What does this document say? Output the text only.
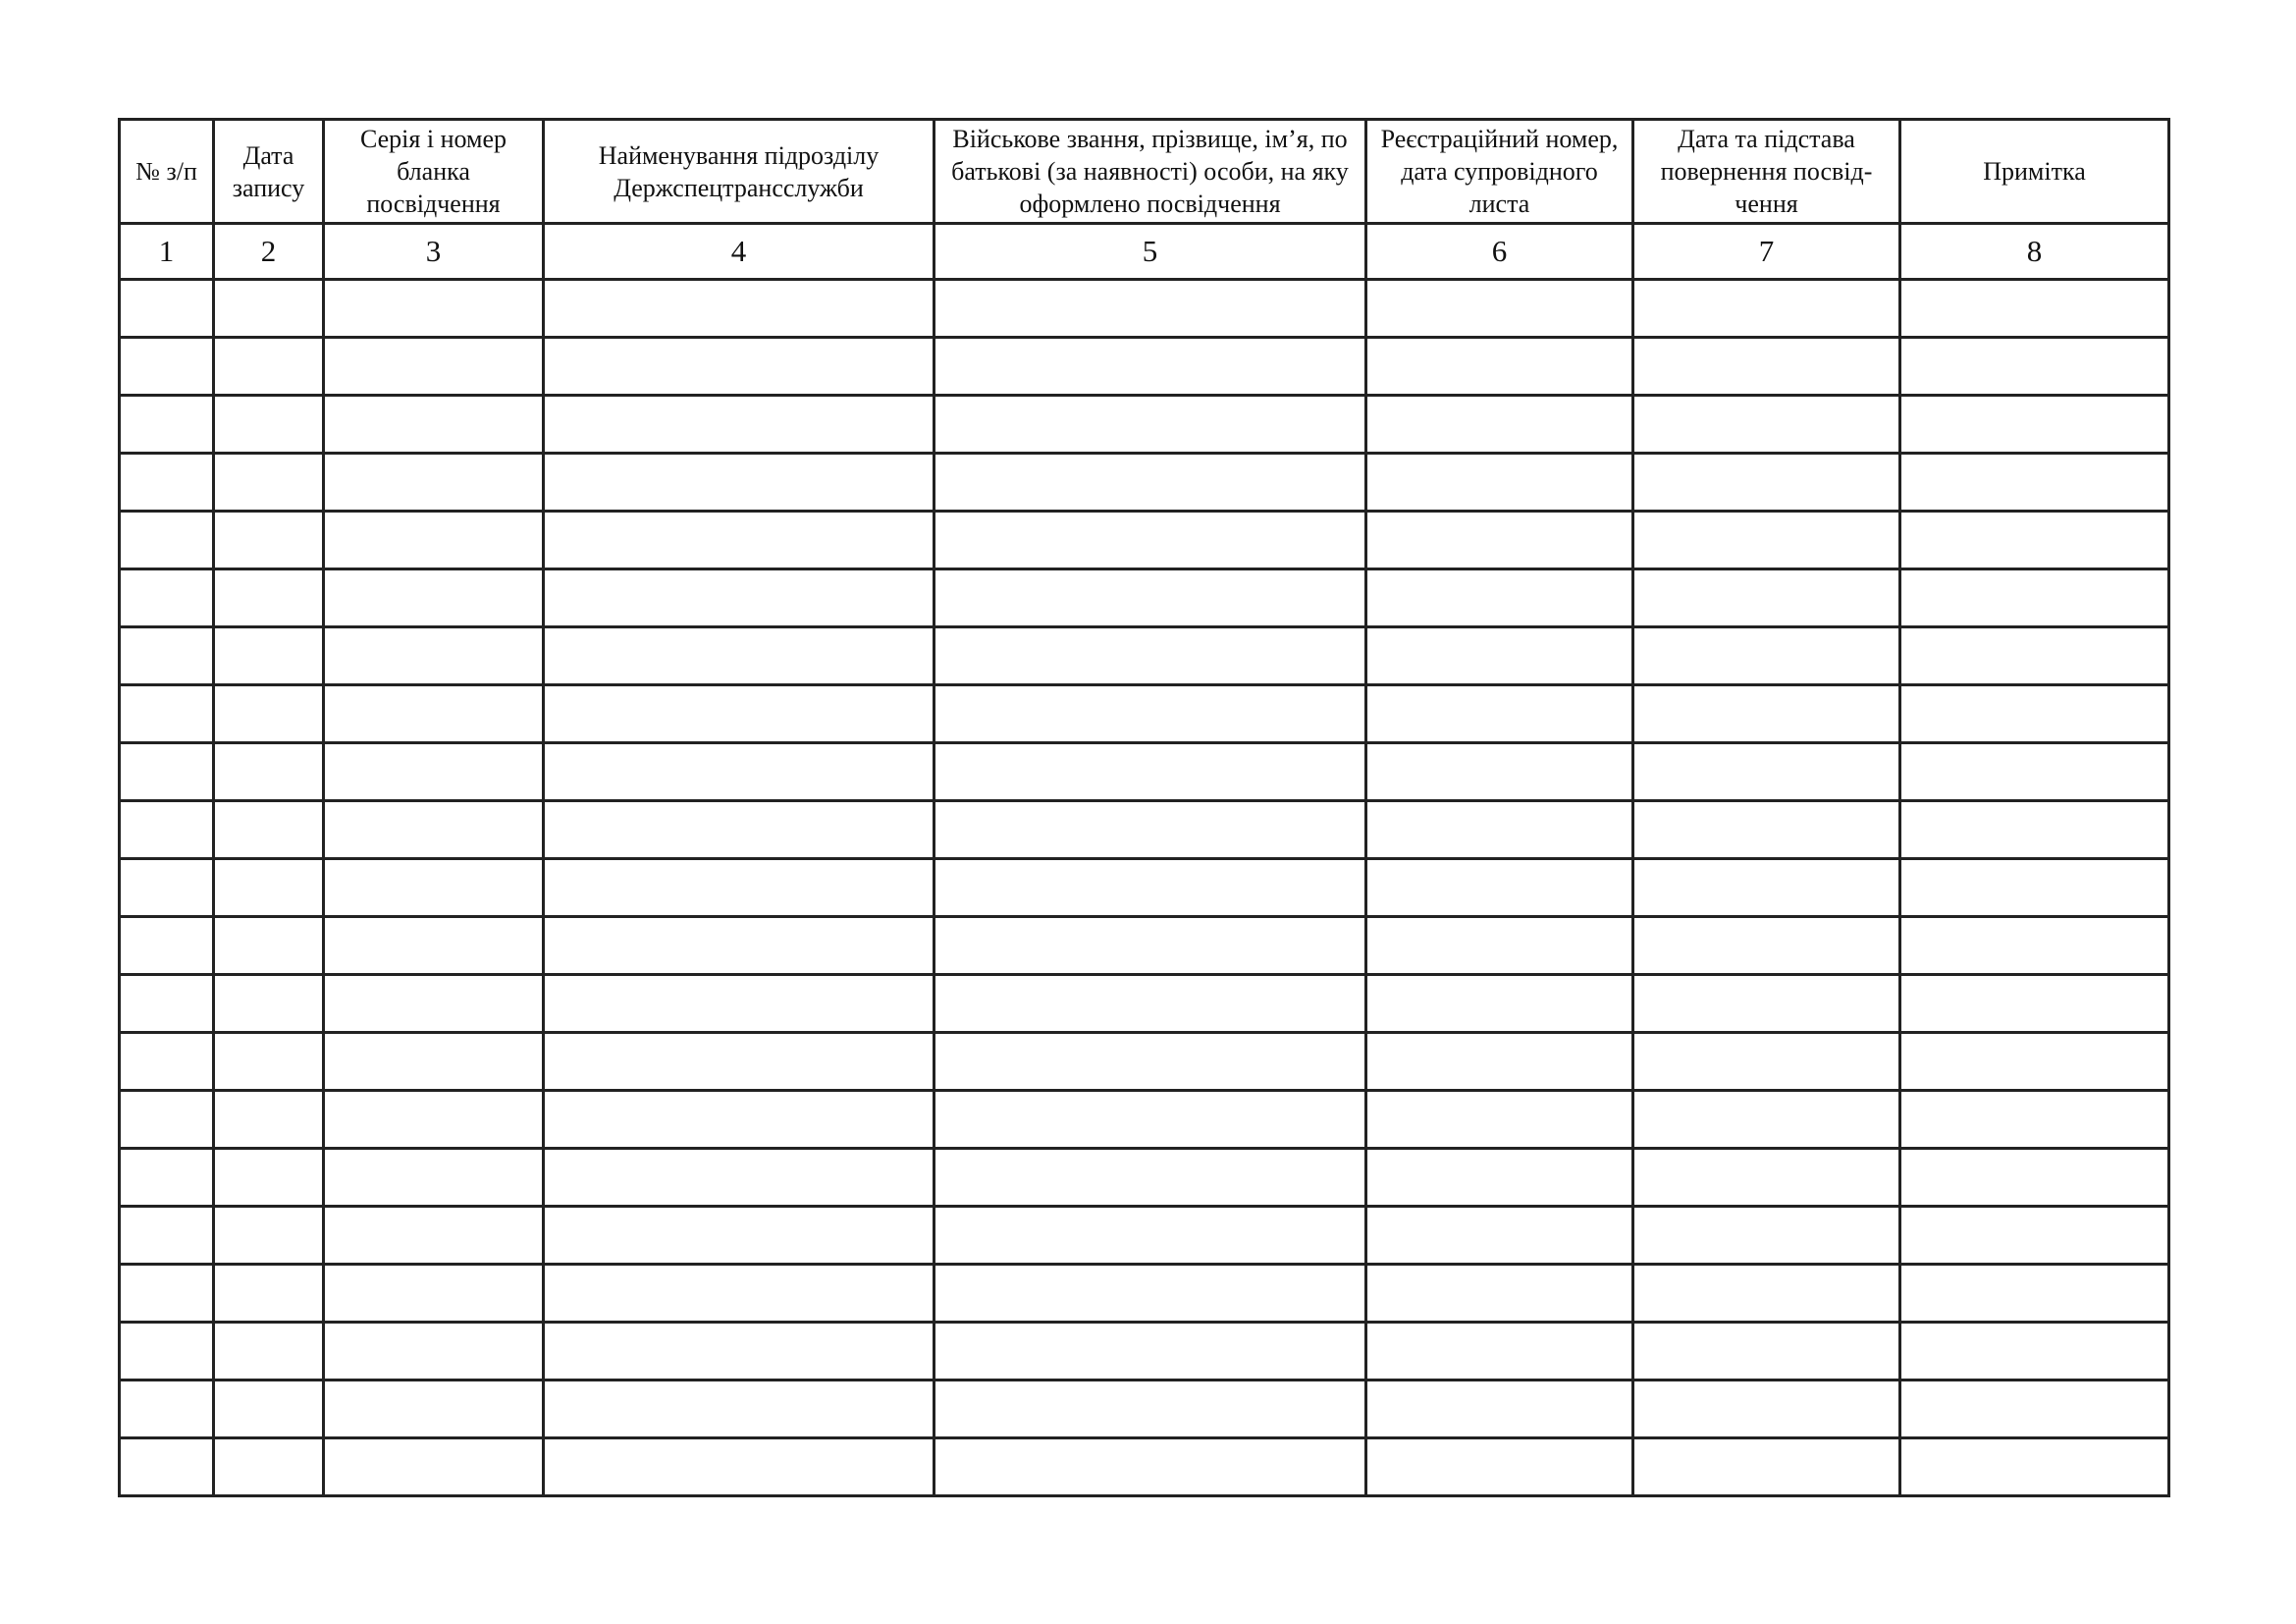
№ з/п	Дата запису	Серія і номер бланка посвідчення	Найменування підрозділу Держспецтрансслужби	Військове звання, прізвище, ім’я, по батькові (за наявності) особи, на яку оформлено посвідчення	Реєстраційний номер, дата супровідного листа	Дата та підстава повернення посвід-чення	Примітка
1	2	3	4	5	6	7	8
